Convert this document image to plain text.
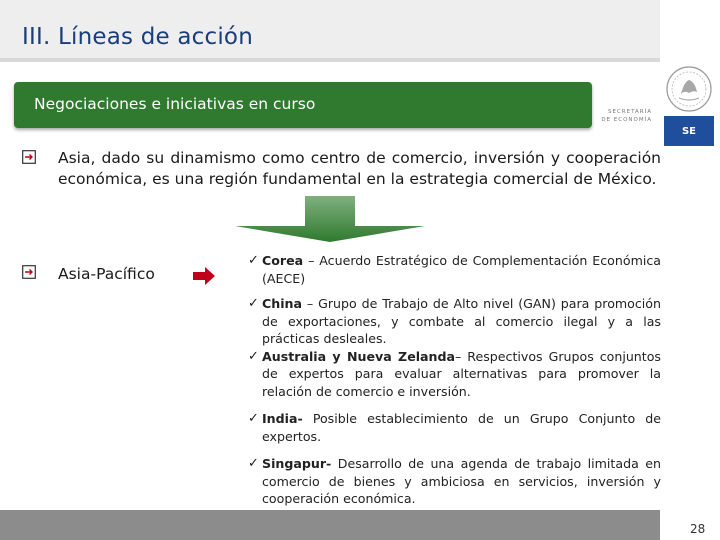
III. Líneas de acción
SECRETARÍA
DE ECONOMÍA
SE
Negociaciones e iniciativas en curso
Asia, dado su dinamismo como centro de comercio, inversión y cooperación económica, es una región fundamental en la estrategia comercial de México.
Asia-Pacífico
✓ Corea – Acuerdo Estratégico de Complementación Económica (AECE)
✓ China – Grupo de Trabajo de Alto nivel (GAN) para promoción de exportaciones, y combate al comercio ilegal y a las prácticas desleales.
✓ Australia y Nueva Zelanda– Respectivos Grupos conjuntos de expertos para evaluar alternativas para promover la relación de comercio e inversión.
✓ India- Posible establecimiento de un Grupo Conjunto de expertos.
✓ Singapur- Desarrollo de una agenda de trabajo limitada en comercio de bienes y ambiciosa en servicios, inversión y cooperación económica.
28
